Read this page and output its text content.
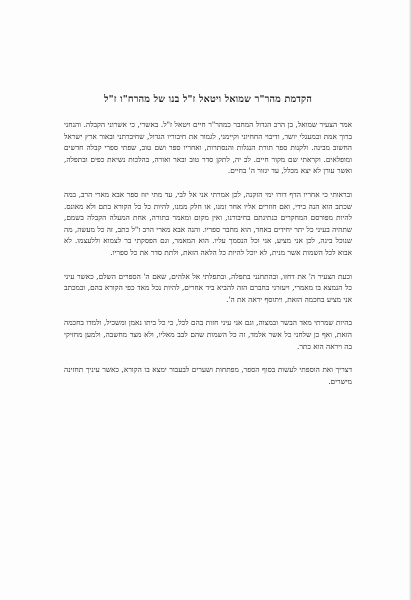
הקדמת מהר"ר שמואל ויטאל ז"ל בנו של מהרח"ו ז"ל

אמר הצעיר שמואל, בן הרב הגדול המחבר כמהר"ר חיים ויטאל ז"ל. באשרי, כי אשרוני הקבלה. והנחני ברוך אמת ובמעגלי יושר, ודיבוי החחיוני וקיימני, לגמור את חיבוריו הגדול, שחיברתני ובאור ארץ ישראל החשוב מבינה. ולקנות ספר תורת הנגלות והנסתרות, ואחריו ספר ושם טוב, שפתי ספרי קבלה חדשים ומופלאים. וקראתי שם מקור חיים. לב יה, לתקן סדר טוב ובאר ואורה, בהלכות נשיאת כפים ובתפלה, ואשר עורן לא יצא מכלל, עד יגזור ה' בחיים.

ובראותי כי אחריו הדף דורו ימי הזקנה, לכן אמרתי אני אל לבי, עד מתי יזוז ספר אבא מארי הרב, במה שכתב הוא הנה בידי, ואם חוזרים אליו אחר זמנו, או חלק ממנו, להיות כל כל הקורא בתם ולא מאונס. להיות מפורסם המחקרים כנתינתם בחיבורנו, ואין מקום ומאמר בתורה, אחת המעלה הקבלה בשמם, שתהיה בעיני כל יתר יחידים באחד, הוא מחבר ספריו. והנה אבא מארי הרב ז"ל כתב, זה כל מעשה, מה שנוכל בינה, לכן אני מציע, אני וכל הנסמך עליו. הוא המאמר, וגם הפסקתי בר לצמוא וללעצמו. לא אבוא לכל השמות אשר מנית, לא יוכל להיות כל הלאה הזאת, ולתת סדר את כל ספריו.

וכעת הצעיר ה' את דחזו, ובהתחנני בתפלה, ובתפלתי אל אלהים, שאם ה' הספרים השלם, כאשר עיני כל הנמצא בו מאמרי, ויעזרני בחברם הזה להביא ביד אחרים, להיות נכל מאד כפי הקורא בהם, ובמכתב אני מציע בחכמה הזאת, ויתוסף יראה את ה'.

בהיות שמרתי מאד הבשר ובמצוה, וגם אני עיני חזות בהם לכל, כי כל ביתו נאמן ומשכיל, ולמדו בחכמה הזאת, ואף כן שלחני כל אשר אלמד, זה כל השמות שהם לבב מאליו, ולא מצד מחשבה, ולמען מחזיקי בה ויראה הוא כתר.

דצריך ואת הוספתי לעשות בסוף הספר, מפתחות ושערים לבעבור ימצא בו הקורא, כאשר עיניך תחזינה מישרים.
